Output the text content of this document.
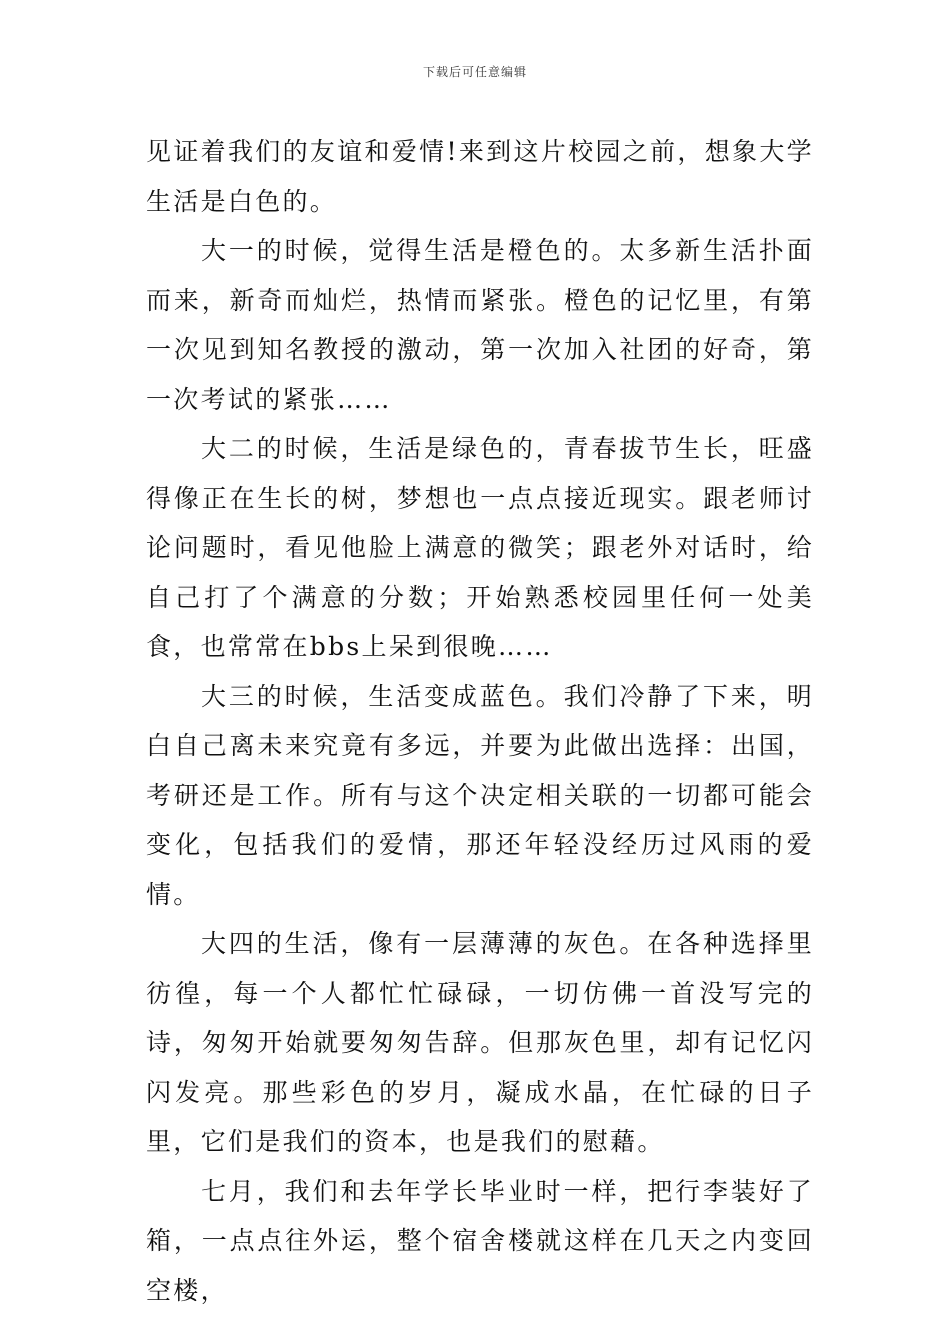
下载后可任意编辑

见证着我们的友谊和爱情!来到这片校园之前，想象大学生活是白色的。

大一的时候，觉得生活是橙色的。太多新生活扑面而来，新奇而灿烂，热情而紧张。橙色的记忆里，有第一次见到知名教授的激动，第一次加入社团的好奇，第一次考试的紧张……

大二的时候，生活是绿色的，青春拔节生长，旺盛得像正在生长的树，梦想也一点点接近现实。跟老师讨论问题时，看见他脸上满意的微笑；跟老外对话时，给自己打了个满意的分数；开始熟悉校园里任何一处美食，也常常在bbs上呆到很晚……

大三的时候，生活变成蓝色。我们冷静了下来，明白自己离未来究竟有多远，并要为此做出选择：出国，考研还是工作。所有与这个决定相关联的一切都可能会变化，包括我们的爱情，那还年轻没经历过风雨的爱情。

大四的生活，像有一层薄薄的灰色。在各种选择里彷徨，每一个人都忙忙碌碌，一切仿佛一首没写完的诗，匆匆开始就要匆匆告辞。但那灰色里，却有记忆闪闪发亮。那些彩色的岁月，凝成水晶，在忙碌的日子里，它们是我们的资本，也是我们的慰藉。

七月，我们和去年学长毕业时一样，把行李装好了箱，一点点往外运，整个宿舍楼就这样在几天之内变回空楼，
